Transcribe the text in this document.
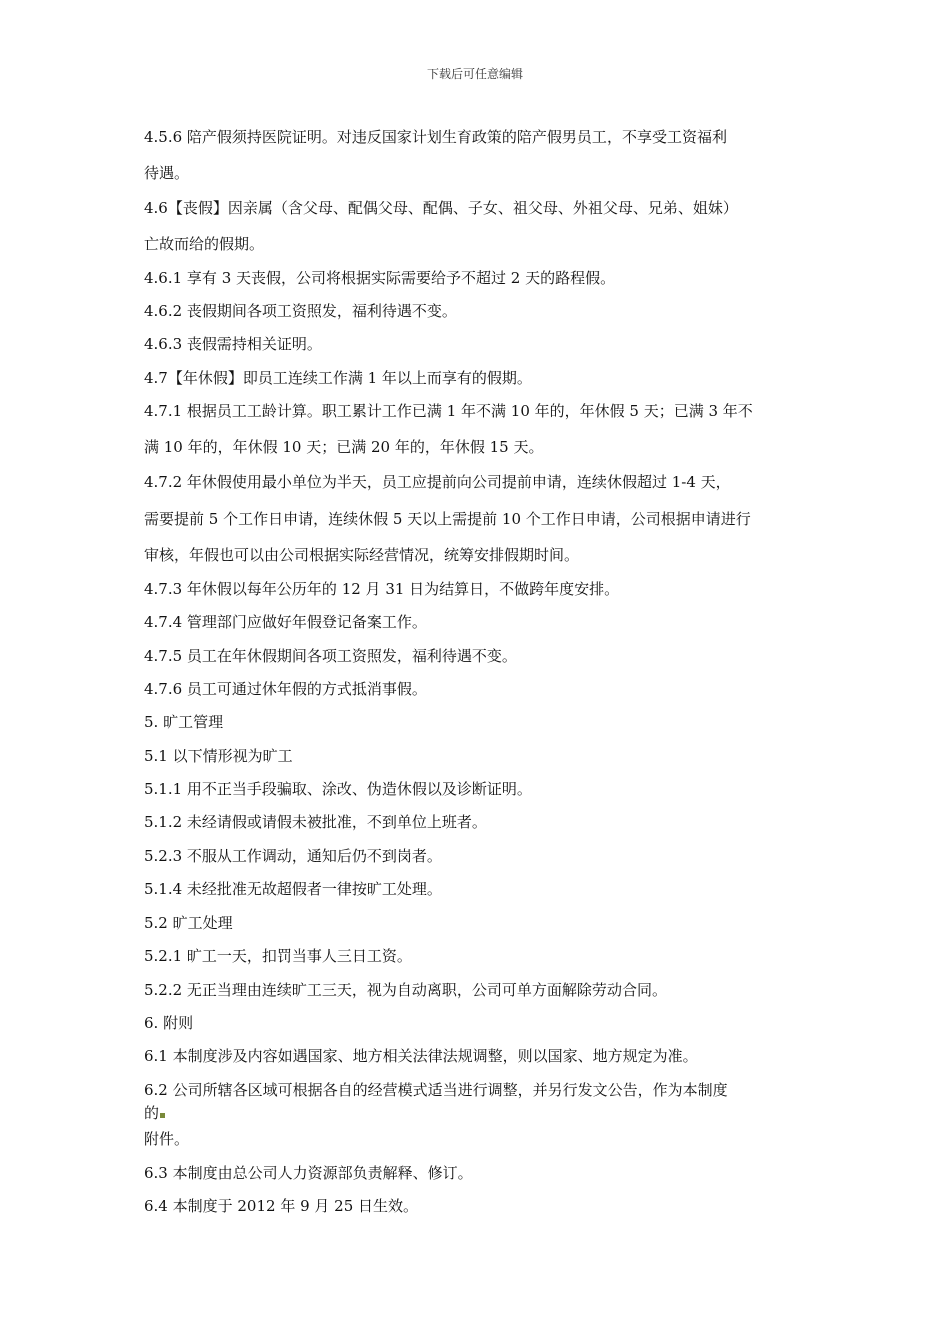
下载后可任意编辑
4.5.6 陪产假须持医院证明。对违反国家计划生育政策的陪产假男员工，不享受工资福利
待遇。
4.6【丧假】因亲属（含父母、配偶父母、配偶、子女、祖父母、外祖父母、兄弟、姐妹）
亡故而给的假期。
4.6.1 享有 3 天丧假，公司将根据实际需要给予不超过 2 天的路程假。
4.6.2 丧假期间各项工资照发，福利待遇不变。
4.6.3 丧假需持相关证明。
4.7【年休假】即员工连续工作满 1 年以上而享有的假期。
4.7.1 根据员工工龄计算。职工累计工作已满 1 年不满 10 年的，年休假 5 天；已满 3 年不
满 10 年的，年休假 10 天；已满 20 年的，年休假 15 天。
4.7.2 年休假使用最小单位为半天，员工应提前向公司提前申请，连续休假超过 1-4 天，
需要提前 5 个工作日申请，连续休假 5 天以上需提前 10 个工作日申请，公司根据申请进行
审核，年假也可以由公司根据实际经营情况，统筹安排假期时间。
4.7.3 年休假以每年公历年的 12 月 31 日为结算日，不做跨年度安排。
4.7.4 管理部门应做好年假登记备案工作。
4.7.5 员工在年休假期间各项工资照发，福利待遇不变。
4.7.6 员工可通过休年假的方式抵消事假。
5. 旷工管理
5.1 以下情形视为旷工
5.1.1 用不正当手段骗取、涂改、伪造休假以及诊断证明。
5.1.2 未经请假或请假未被批准，不到单位上班者。
5.2.3 不服从工作调动，通知后仍不到岗者。
5.1.4 未经批准无故超假者一律按旷工处理。
5.2 旷工处理
5.2.1 旷工一天，扣罚当事人三日工资。
5.2.2 无正当理由连续旷工三天，视为自动离职，公司可单方面解除劳动合同。
6. 附则
6.1 本制度涉及内容如遇国家、地方相关法律法规调整，则以国家、地方规定为准。
6.2 公司所辖各区域可根据各自的经营模式适当进行调整，并另行发文公告，作为本制度
的
附件。
6.3 本制度由总公司人力资源部负责解释、修订。
6.4 本制度于 2012 年 9 月 25 日生效。
